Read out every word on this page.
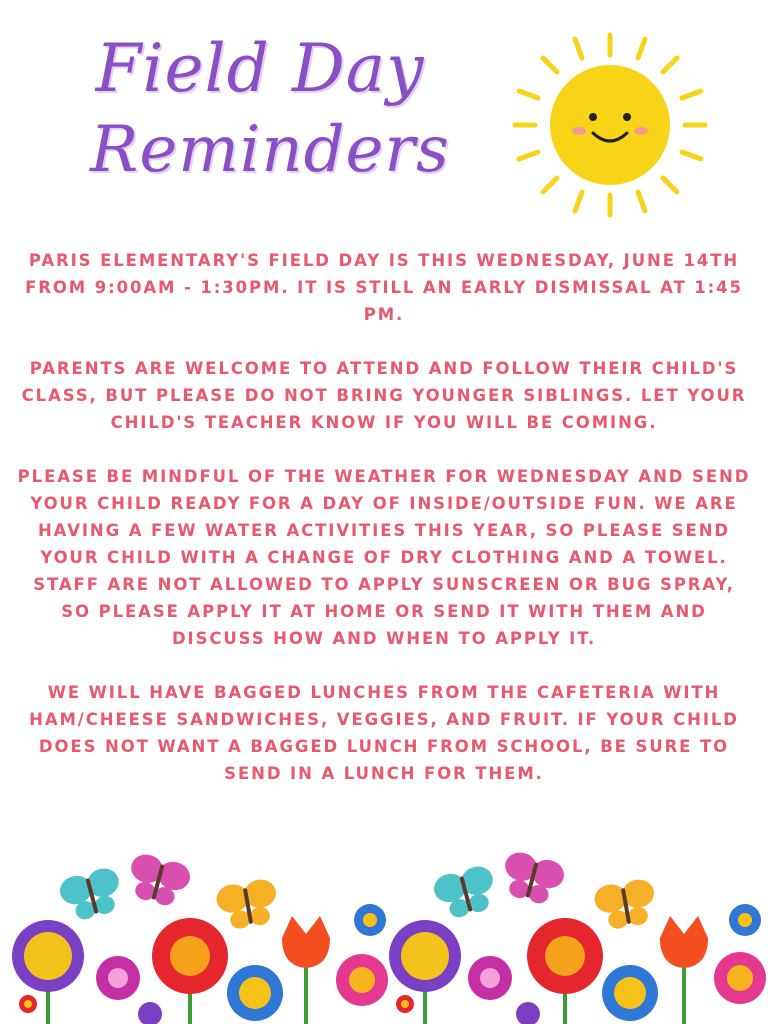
Field Day
Reminders

PARIS ELEMENTARY'S FIELD DAY IS THIS WEDNESDAY, JUNE 14TH FROM 9:00AM - 1:30PM. IT IS STILL AN EARLY DISMISSAL AT 1:45 PM.

PARENTS ARE WELCOME TO ATTEND AND FOLLOW THEIR CHILD'S CLASS, BUT PLEASE DO NOT BRING YOUNGER SIBLINGS. LET YOUR CHILD'S TEACHER KNOW IF YOU WILL BE COMING.

PLEASE BE MINDFUL OF THE WEATHER FOR WEDNESDAY AND SEND YOUR CHILD READY FOR A DAY OF INSIDE/OUTSIDE FUN. WE ARE HAVING A FEW WATER ACTIVITIES THIS YEAR, SO PLEASE SEND YOUR CHILD WITH A CHANGE OF DRY CLOTHING AND A TOWEL. STAFF ARE NOT ALLOWED TO APPLY SUNSCREEN OR BUG SPRAY, SO PLEASE APPLY IT AT HOME OR SEND IT WITH THEM AND DISCUSS HOW AND WHEN TO APPLY IT.

WE WILL HAVE BAGGED LUNCHES FROM THE CAFETERIA WITH HAM/CHEESE SANDWICHES, VEGGIES, AND FRUIT. IF YOUR CHILD DOES NOT WANT A BAGGED LUNCH FROM SCHOOL, BE SURE TO SEND IN A LUNCH FOR THEM.
